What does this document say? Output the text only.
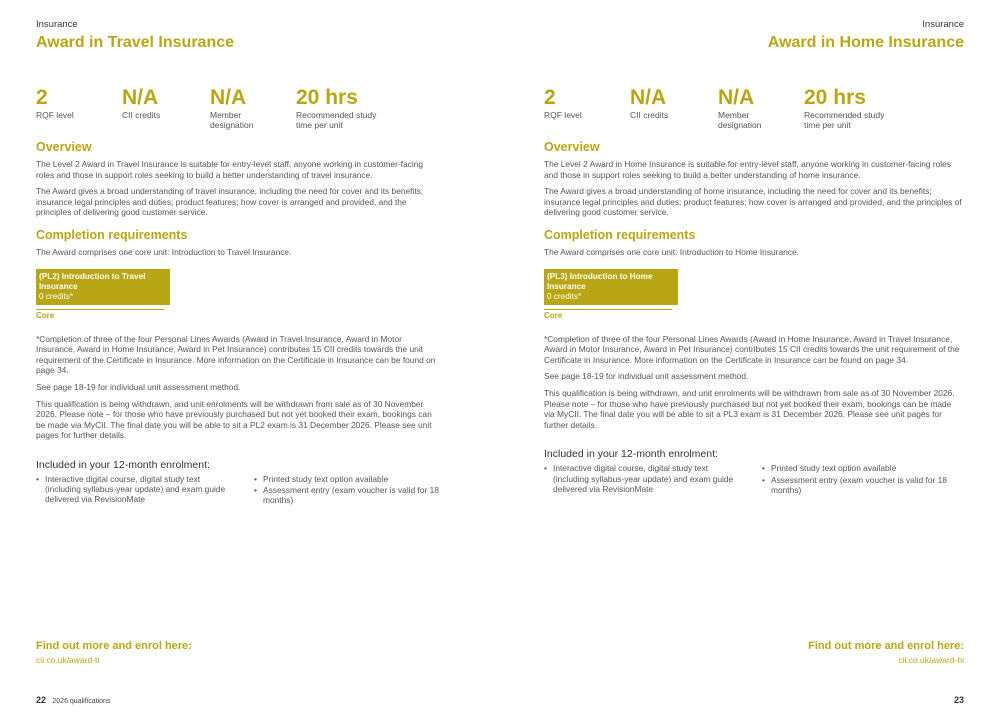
Insurance
Award in Travel Insurance
2
RQF level
N/A
CII credits
N/A
Member
designation
20 hrs
Recommended study
time per unit
Overview

The Level 2 Award in Travel Insurance is suitable for entry-level staff, anyone working in customer-facing roles and those in support roles seeking to build a better understanding of travel insurance.

The Award gives a broad understanding of travel insurance, including the need for cover and its benefits; insurance legal principles and duties; product features; how cover is arranged and provided, and the principles of delivering good customer service.

Completion requirements

The Award comprises one core unit: Introduction to Travel Insurance.

(PL2) Introduction to Travel
Insurance
0 credits*
Core

*Completion of three of the four Personal Lines Awards (Award in Travel Insurance, Award in Motor Insurance, Award in Home Insurance, Award in Pet Insurance) contributes 15 CII credits towards the unit requirement of the Certificate in Insurance. More information on the Certificate in Insurance can be found on page 34.

See page 18-19 for individual unit assessment method.

This qualification is being withdrawn, and unit enrolments will be withdrawn from sale as of 30 November 2026. Please note – for those who have previously purchased but not yet booked their exam, bookings can be made via MyCII. The final date you will be able to sit a PL2 exam is 31 December 2026. Please see unit pages for further details.

Included in your 12-month enrolment:
• Interactive digital course, digital study text (including syllabus-year update) and exam guide delivered via RevisionMate
• Printed study text option available
• Assessment entry (exam voucher is valid for 18 months)
Find out more and enrol here:
cii.co.uk/award-ti
22 2026 qualifications
Insurance
Award in Home Insurance
2
RQF level
N/A
CII credits
N/A
Member
designation
20 hrs
Recommended study
time per unit
Overview

The Level 2 Award in Home Insurance is suitable for entry-level staff, anyone working in customer-facing roles and those in support roles seeking to build a better understanding of home insurance.

The Award gives a broad understanding of home insurance, including the need for cover and its benefits; insurance legal principles and duties; product features; how cover is arranged and provided, and the principles of delivering good customer service.

Completion requirements

The Award comprises one core unit: Introduction to Home Insurance.

(PL3) Introduction to Home
Insurance
0 credits*
Core

*Completion of three of the four Personal Lines Awards (Award in Home Insurance, Award in Travel Insurance, Award in Motor Insurance, Award in Pet Insurance) contributes 15 CII credits towards the unit requirement of the Certificate in Insurance. More information on the Certificate in Insurance can be found on page 34.

See page 18-19 for individual unit assessment method.

This qualification is being withdrawn, and unit enrolments will be withdrawn from sale as of 30 November 2026. Please note – for those who have previously purchased but not yet booked their exam, bookings can be made via MyCII. The final date you will be able to sit a PL3 exam is 31 December 2026. Please see unit pages for further details.

Included in your 12-month enrolment:
• Interactive digital course, digital study text (including syllabus-year update) and exam guide delivered via RevisionMate
• Printed study text option available
• Assessment entry (exam voucher is valid for 18 months)
Find out more and enrol here:
cii.co.uk/award-hi
23
